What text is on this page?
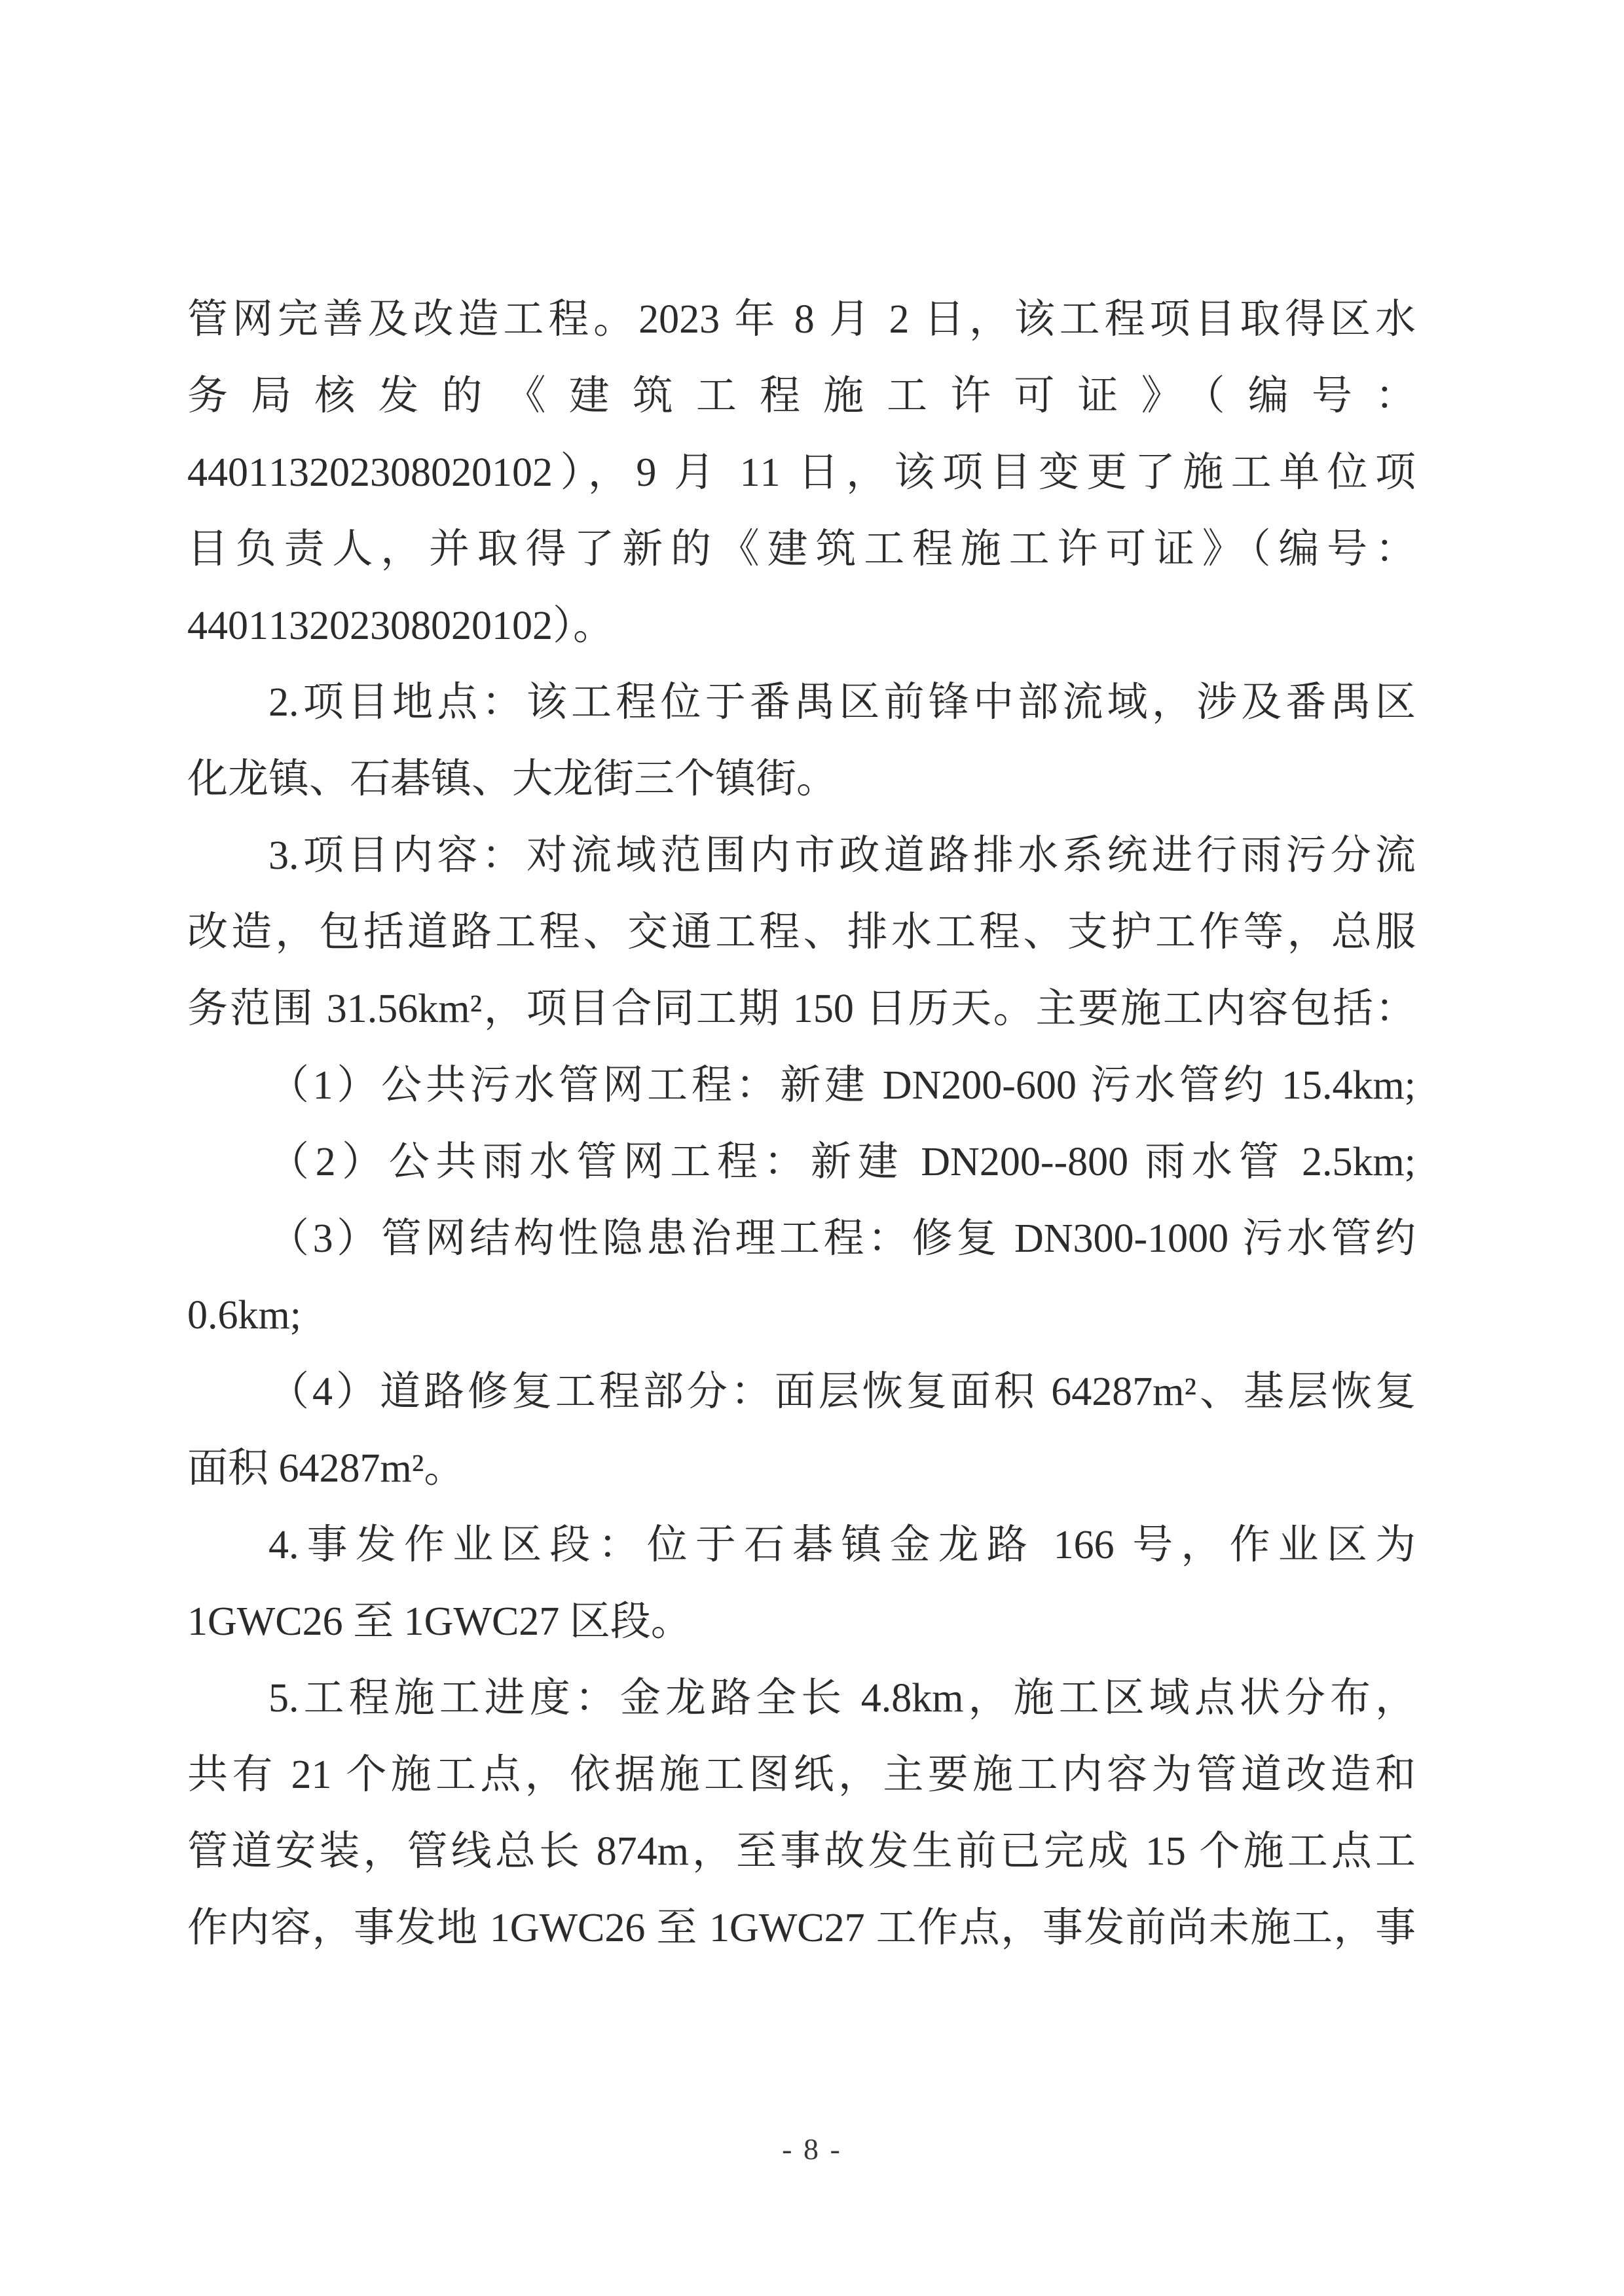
管网完善及改造工程。2023 年 8 月 2 日，该工程项目取得区水
务局核发的《建筑工程施工许可证》（编号：
440113202308020102），9 月 11 日，该项目变更了施工单位项
目负责人，并取得了新的《建筑工程施工许可证》（编号：
440113202308020102）。
2.项目地点：该工程位于番禺区前锋中部流域，涉及番禺区
化龙镇、石碁镇、大龙街三个镇街。
3.项目内容：对流域范围内市政道路排水系统进行雨污分流
改造，包括道路工程、交通工程、排水工程、支护工作等，总服
务范围 31.56km²，项目合同工期 150 日历天。主要施工内容包括：
（1）公共污水管网工程：新建 DN200-600 污水管约 15.4km;
（2）公共雨水管网工程：新建 DN200--800 雨水管 2.5km;
（3）管网结构性隐患治理工程：修复 DN300-1000 污水管约
0.6km;
（4）道路修复工程部分：面层恢复面积 64287m²、基层恢复
面积 64287m²。
4.事发作业区段：位于石碁镇金龙路 166 号，作业区为
1GWC26 至 1GWC27 区段。
5.工程施工进度：金龙路全长 4.8km，施工区域点状分布，
共有 21 个施工点，依据施工图纸，主要施工内容为管道改造和
管道安装，管线总长 874m，至事故发生前已完成 15 个施工点工
作内容，事发地 1GWC26 至 1GWC27 工作点，事发前尚未施工，事
- 8 -
